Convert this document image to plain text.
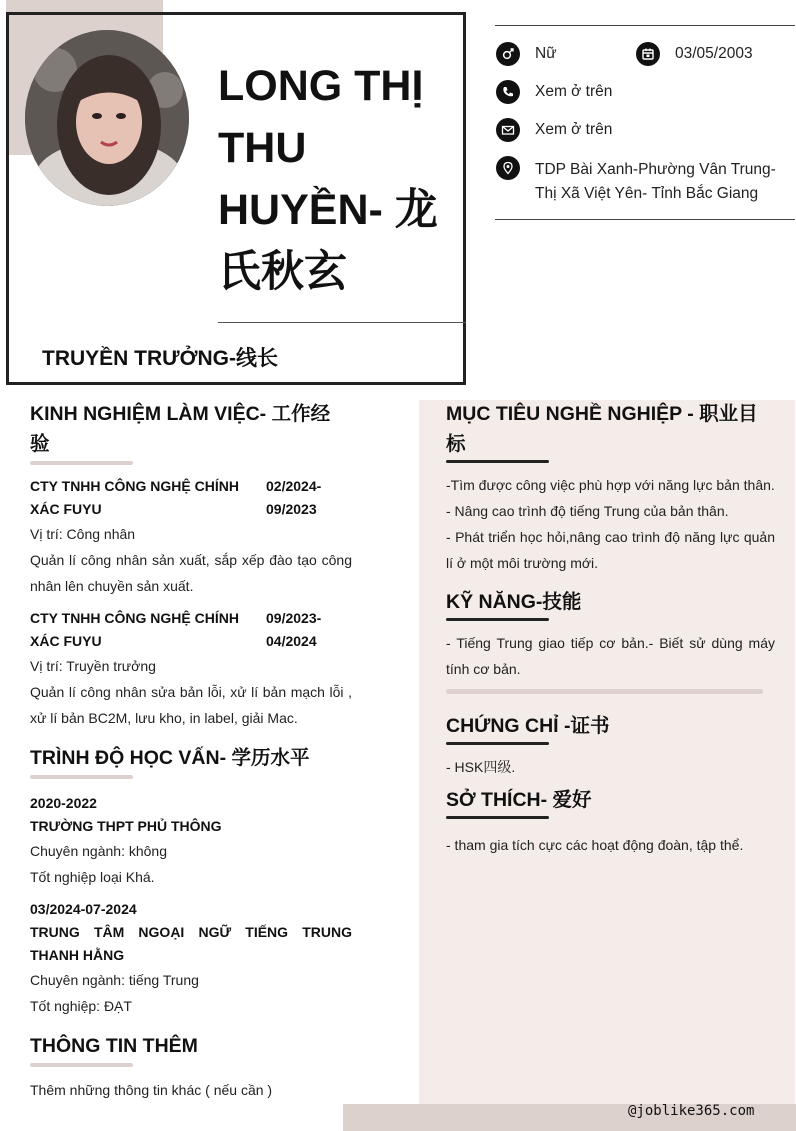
LONG THỊ THU HUYỀN- 龙氏秋玄
TRUYỀN TRƯỞNG-线长
Nữ	03/05/2003
Xem ở trên
Xem ở trên
TDP Bài Xanh-Phường Vân Trung- Thị Xã Việt Yên- Tỉnh Bắc Giang
KINH NGHIỆM LÀM VIỆC- 工作经验
CTY TNHH CÔNG NGHỆ CHÍNH XÁC FUYU
02/2024- 09/2023
Vị trí: Công nhân
Quản lí công nhân sản xuất, sắp xếp đào tạo công nhân lên chuyền sản xuất.
CTY TNHH CÔNG NGHỆ CHÍNH XÁC FUYU
09/2023- 04/2024
Vị trí: Truyền trưởng
Quản lí công nhân sửa bản lỗi, xử lí bản mạch lỗi , xử lí bản BC2M, lưu kho, in label, giải Mac.
TRÌNH ĐỘ HỌC VẤN- 学历水平
2020-2022
TRƯỜNG THPT PHỦ THÔNG
Chuyên ngành: không
Tốt nghiệp loại Khá.
03/2024-07-2024
TRUNG TÂM NGOẠI NGỮ TIẾNG TRUNG THANH HẰNG
Chuyên ngành: tiếng Trung
Tốt nghiệp: ĐẠT
THÔNG TIN THÊM
Thêm những thông tin khác ( nếu cần )
MỤC TIÊU NGHỀ NGHIỆP - 职业目标
-Tìm được công việc phù hợp với năng lực bản thân.
- Nâng cao trình độ tiếng Trung của bản thân.
- Phát triển học hỏi,nâng cao trình độ năng lực quản lí ở một môi trường mới.
KỸ NĂNG-技能
- Tiếng Trung giao tiếp cơ bản.- Biết sử dùng máy tính cơ bản.
CHỨNG CHỈ -证书
- HSK四级.
SỞ THÍCH- 爱好
- tham gia tích cực các hoạt động đoàn, tập thể.
@joblike365.com
